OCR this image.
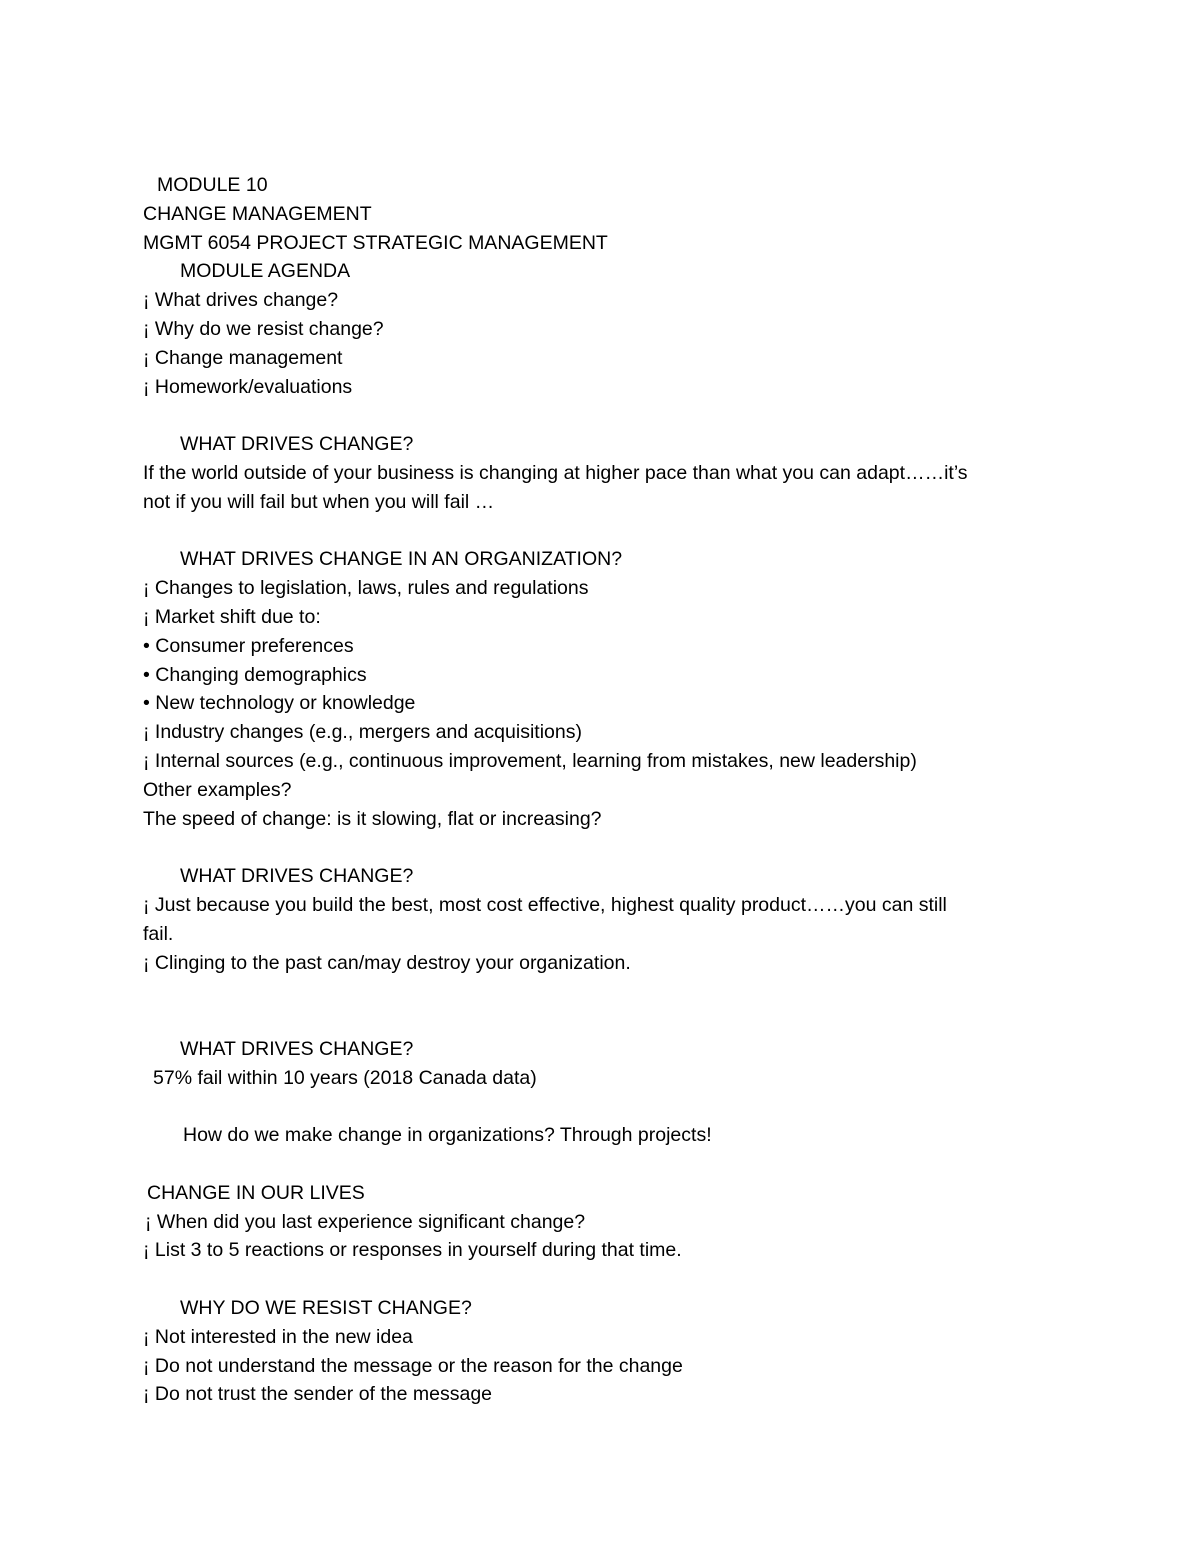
MODULE 10
CHANGE MANAGEMENT
MGMT 6054 PROJECT STRATEGIC MANAGEMENT
MODULE AGENDA
¡ What drives change?
¡ Why do we resist change?
¡ Change management
¡ Homework/evaluations
WHAT DRIVES CHANGE?
If the world outside of your business is changing at higher pace than what you can adapt……it’s
not if you will fail but when you will fail …
WHAT DRIVES CHANGE IN AN ORGANIZATION?
¡ Changes to legislation, laws, rules and regulations
¡ Market shift due to:
• Consumer preferences
• Changing demographics
• New technology or knowledge
¡ Industry changes (e.g., mergers and acquisitions)
¡ Internal sources (e.g., continuous improvement, learning from mistakes, new leadership)
Other examples?
The speed of change: is it slowing, flat or increasing?
WHAT DRIVES CHANGE?
¡ Just because you build the best, most cost effective, highest quality product……you can still
fail.
¡ Clinging to the past can/may destroy your organization.
WHAT DRIVES CHANGE?
57% fail within 10 years (2018 Canada data)
How do we make change in organizations? Through projects!
CHANGE IN OUR LIVES
¡ When did you last experience significant change?
¡ List 3 to 5 reactions or responses in yourself during that time.
WHY DO WE RESIST CHANGE?
¡ Not interested in the new idea
¡ Do not understand the message or the reason for the change
¡ Do not trust the sender of the message
